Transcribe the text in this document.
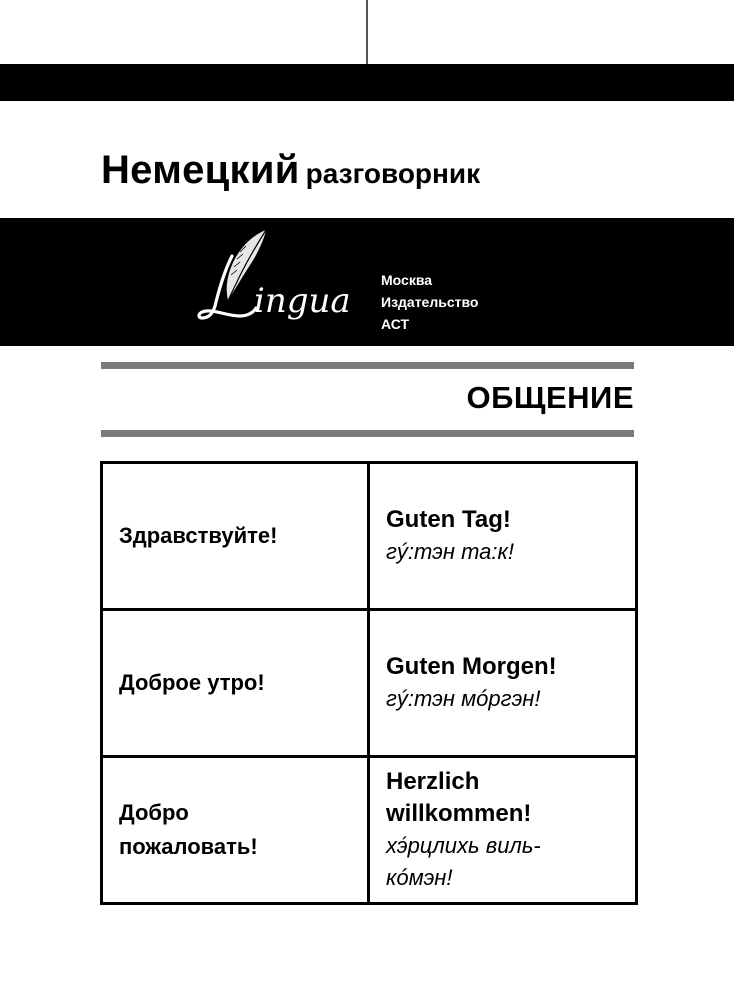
Немецкий разговорник
ingua
Москва
Издательство
АСТ
ОБЩЕНИЕ
Здравствуйте!	Guten Tag!
гý:тэн та:к!

Доброе утро!	Guten Morgen!
гý:тэн мóргэн!

Добро пожаловать!	Herzlich willkommen!
хэ́рцлихь виль-кóмэн!
